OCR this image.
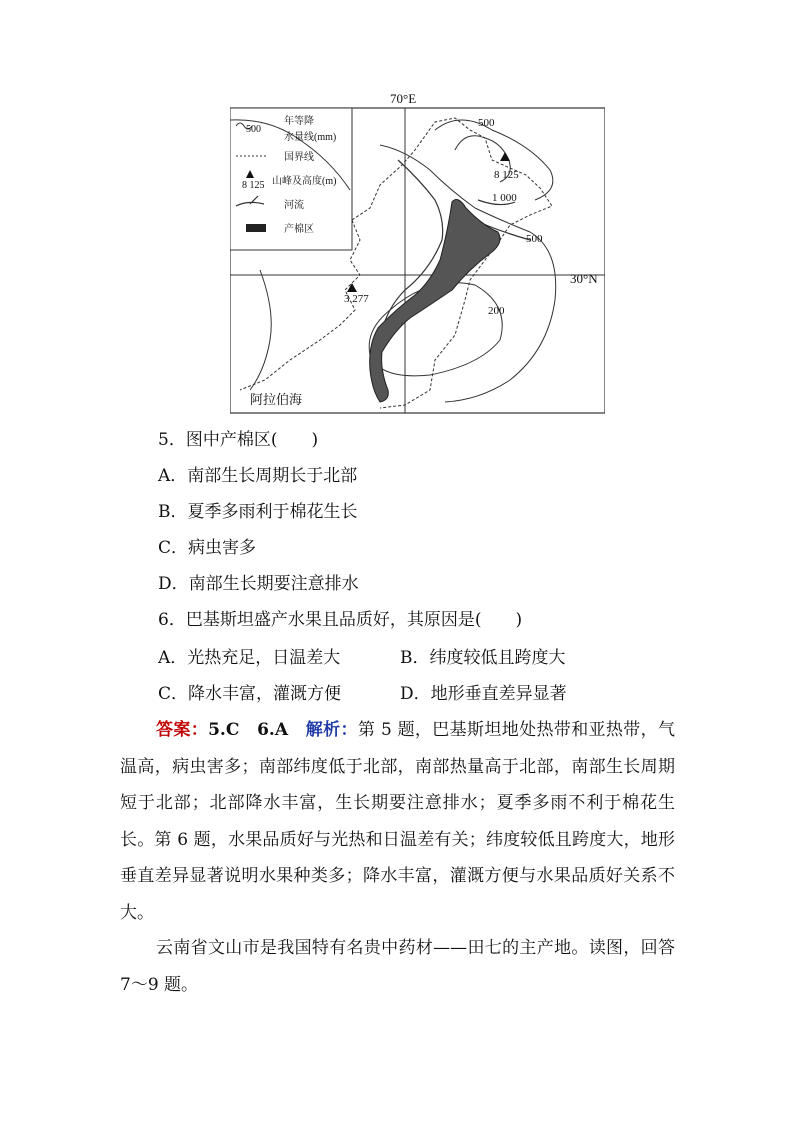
70°E
30°N
500
年等降
水量线(mm)
国界线
8 125 山峰及高度(m)
河流
产棉区
500
8 125
1 000
500
3 277
200
阿拉伯海
5．图中产棉区(　　)
A．南部生长周期长于北部
B．夏季多雨利于棉花生长
C．病虫害多
D．南部生长期要注意排水
6．巴基斯坦盛产水果且品质好，其原因是(　　)
A．光热充足，日温差大	B．纬度较低且跨度大
C．降水丰富，灌溉方便	D．地形垂直差异显著
答案：5.C　6.A　解析：第 5 题，巴基斯坦地处热带和亚热带，气温高，病虫害多；南部纬度低于北部，南部热量高于北部，南部生长周期短于北部；北部降水丰富，生长期要注意排水；夏季多雨不利于棉花生长。第 6 题，水果品质好与光热和日温差有关；纬度较低且跨度大，地形垂直差异显著说明水果种类多；降水丰富，灌溉方便与水果品质好关系不大。
云南省文山市是我国特有名贵中药材——田七的主产地。读图，回答 7～9 题。
